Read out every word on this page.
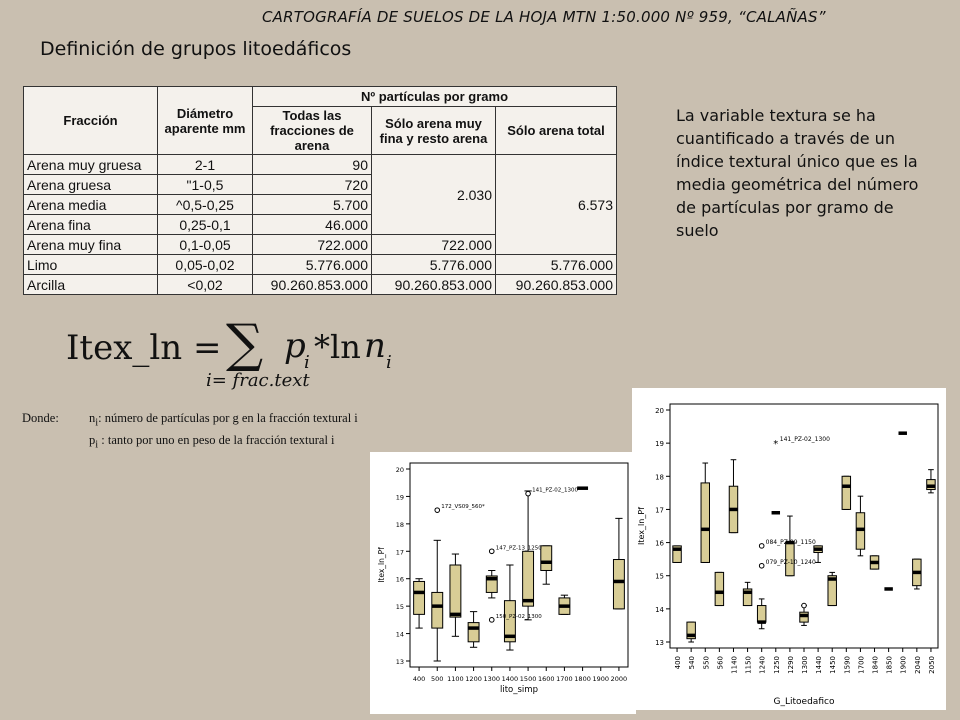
CARTOGRAFÍA DE SUELOS DE LA HOJA MTN 1:50.000 Nº 959, “CALAÑAS”
Definición de grupos litoedáficos
Fracción	Diámetro aparente mm	Nº partículas por gramo		
		Todas las fracciones de arena	Sólo arena muy fina y resto arena	Sólo arena total
Arena muy gruesa	2-1	90	2.030	6.573
Arena gruesa	"1-0,5	720		
Arena media	^0,5-0,25	5.700		
Arena fina	0,25-0,1	46.000		
Arena muy fina	0,1-0,05	722.000	722.000	
Limo	0,05-0,02	5.776.000	5.776.000	5.776.000
Arcilla	<0,02	90.260.853.000	90.260.853.000	90.260.853.000
La variable textura se ha cuantificado a través de un índice textural único que es la media geométrica del número de partículas por gramo de suelo
Itex_ln = ∑ p
i *ln n i
i= frac.text
Donde: $n_i$: número de partículas por g en la fracción textural i
$p_i$ : tanto por uno en peso de la fracción textural i
13
14
15
16
17
18
19
20
Itex_ln_Pf
400 500 1100 1200 1300 1400 1500 1600 1700 1800 1900 2000
lito_simp
172_VS09_560*
141_PZ-02_1300
147_PZ-13_1250
150_PZ-02_1300
13
14
15
16
17
18
19
20
Itex_ln_Pf
400 540 550 560 1140 1150 1240 1250 1290 1300 1440 1450 1590 1700 1840 1850 1900 2040 2050
G_Litoedafico
* 141_PZ-02_1300
084_PZ-09_1150
079_PZ-10_1240
